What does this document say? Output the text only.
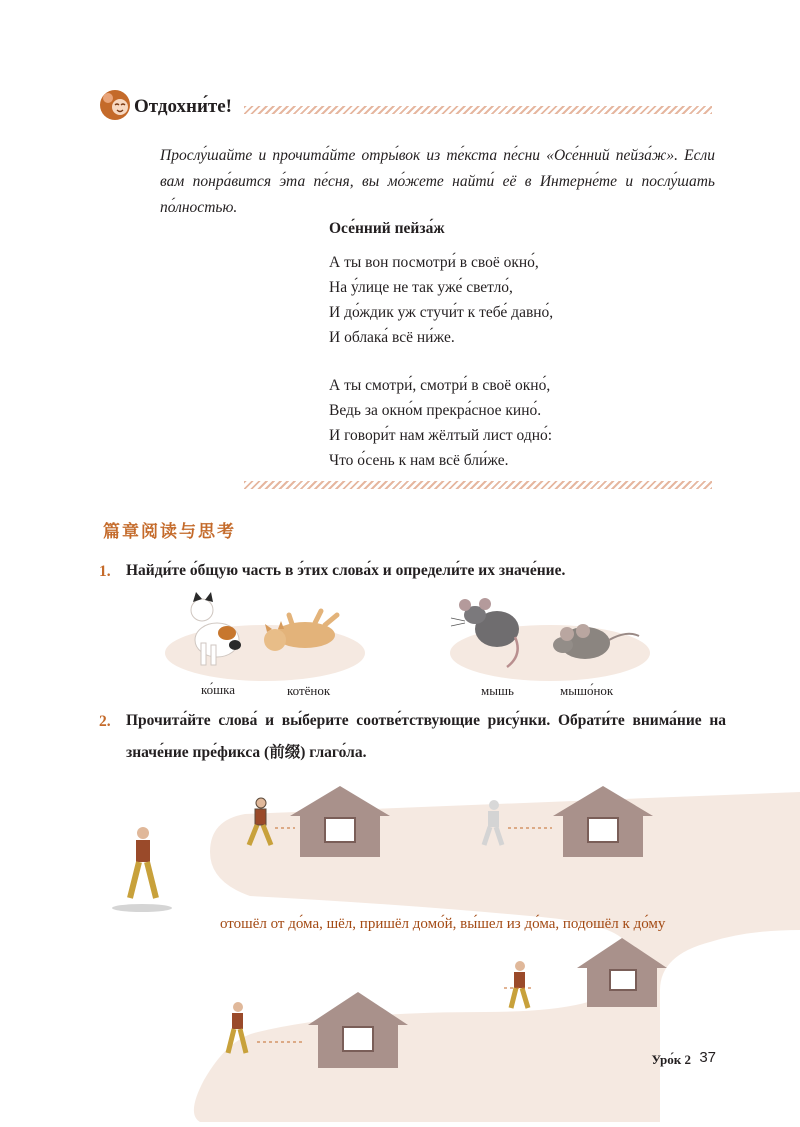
Отдохни́те!
Прослу́шайте и прочита́йте отры́вок из те́кста пе́сни «Осе́нний пейза́ж». Если вам понра́вится э́та пе́сня, вы мо́жете найти́ её в Интерне́те и послу́шать по́лностью.
Осе́нний пейза́ж
А ты вон посмотри́ в своё окно́,
На у́лице не так уже́ светло́,
И до́ждик уж стучи́т к тебе́ давно́,
И облака́ всё ни́же.
А ты смотри́, смотри́ в своё окно́,
Ведь за окно́м прекра́сное кино́.
И говори́т нам жёлтый лист одно́:
Что о́сень к нам всё бли́же.
篇章阅读与思考
1. Найди́те о́бщую часть в э́тих слова́х и определи́те их значе́ние.
ко́шка	котёнок	мышь	мышо́нок
2. Прочита́йте слова́ и вы́берите соотве́тствующие рису́нки. Обрати́те внима́ние на значе́ние пре́фикса (前缀) глаго́ла.
отошёл от до́ма, шёл, пришёл домо́й, вы́шел из до́ма, подошёл к до́му
Уро́к 2 37
